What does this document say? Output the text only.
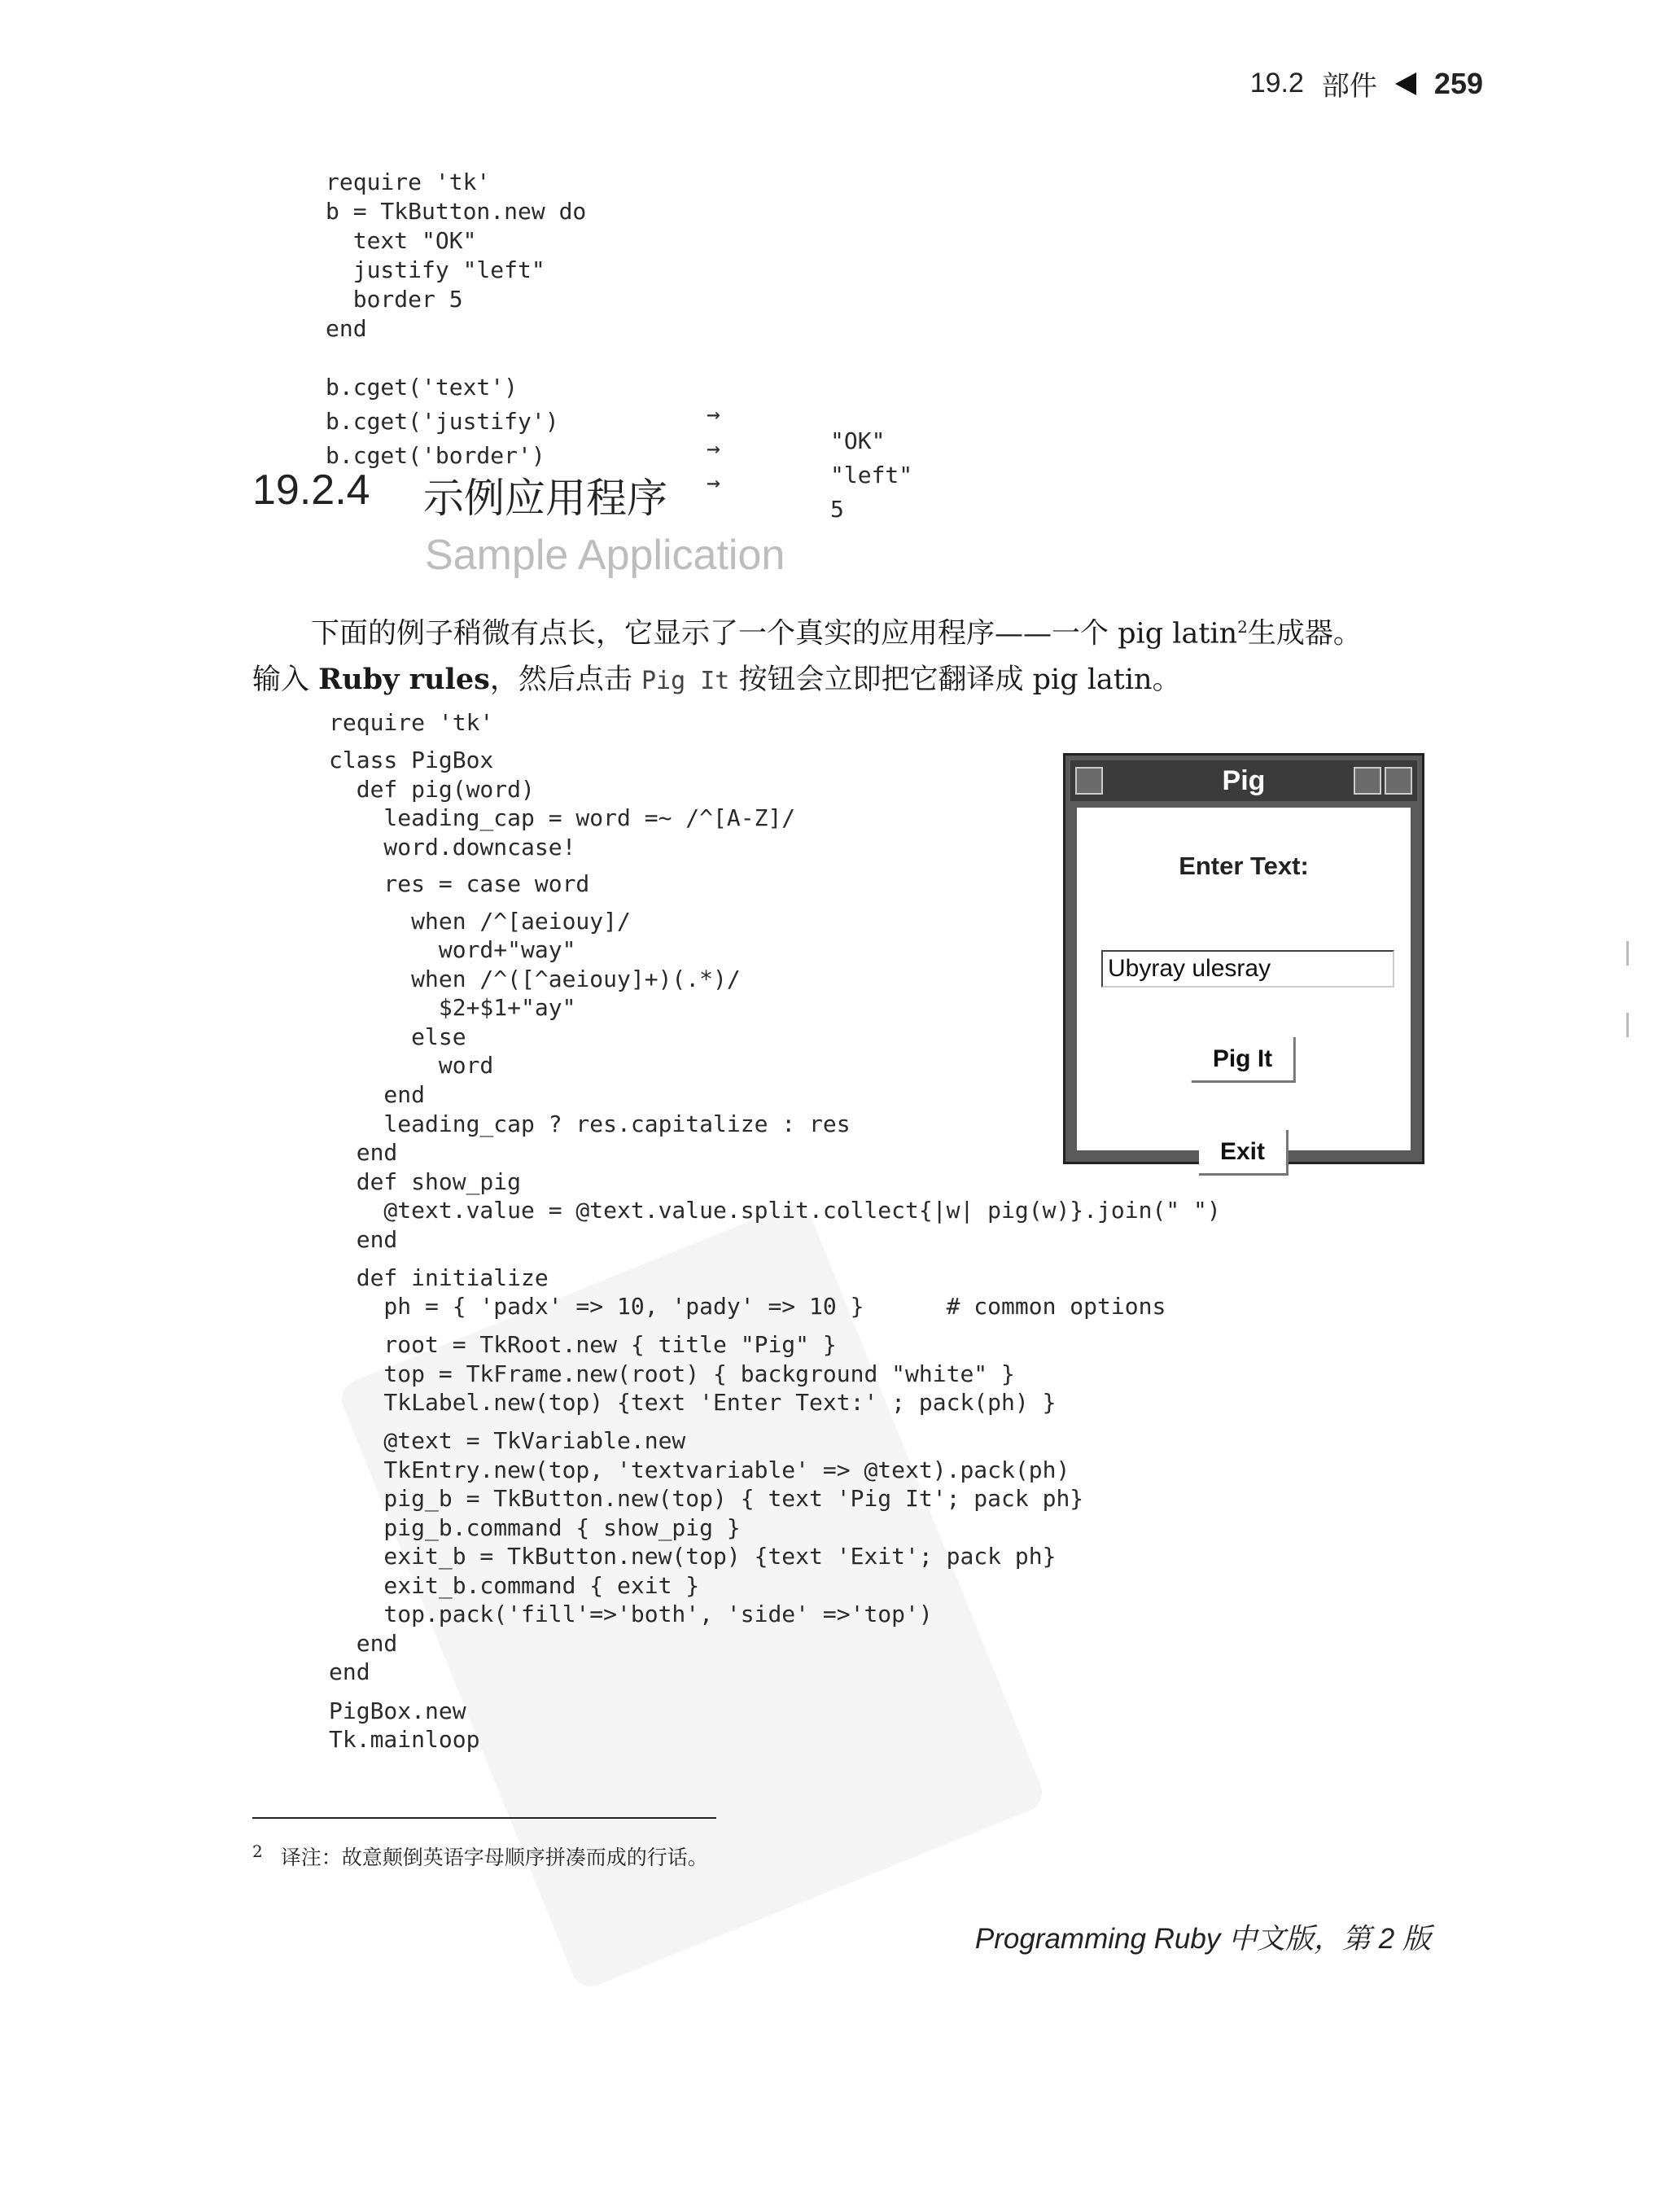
19.2 部件 259

require 'tk'

b = TkButton.new do

text "OK"

justify "left"

border 5

end

b.cget('text')

→

"OK"

b.cget('justify')

→

"left"

b.cget('border')

→

5

19.2.4 示例应用程序
Sample Application
下面的例子稍微有点长，它显示了一个真实的应用程序——一个 pig latin$^2$生成器。
输入 Ruby rules，然后点击 Pig It 按钮会立即把它翻译成 pig latin。

require 'tk'

class PigBox

def pig(word)

leading_cap = word =~ /^[A-Z]/

word.downcase!

res = case word

when /^[aeiouy]/

word+"way"

when /^([^aeiouy]+)(.*)/

$2+$1+"ay"

else

word

end

leading_cap ? res.capitalize : res

end

def show_pig

@text.value = @text.value.split.collect{|w| pig(w)}.join(" ")

end

def initialize

ph = { 'padx' => 10, 'pady' => 10 }      # common options

root = TkRoot.new { title "Pig" }

top = TkFrame.new(root) { background "white" }

TkLabel.new(top) {text 'Enter Text:' ; pack(ph) }

@text = TkVariable.new

TkEntry.new(top, 'textvariable' => @text).pack(ph)

pig_b = TkButton.new(top) { text 'Pig It'; pack ph}

pig_b.command { show_pig }

exit_b = TkButton.new(top) {text 'Exit'; pack ph}

exit_b.command { exit }

top.pack('fill'=>'both', 'side' =>'top')

end

end

PigBox.new

Tk.mainloop

Pig
Enter Text:
Ubyray ulesray
Pig It
Exit
$^2$ 译注：故意颠倒英语字母顺序拼凑而成的行话。
Programming Ruby 中文版，第 2 版
